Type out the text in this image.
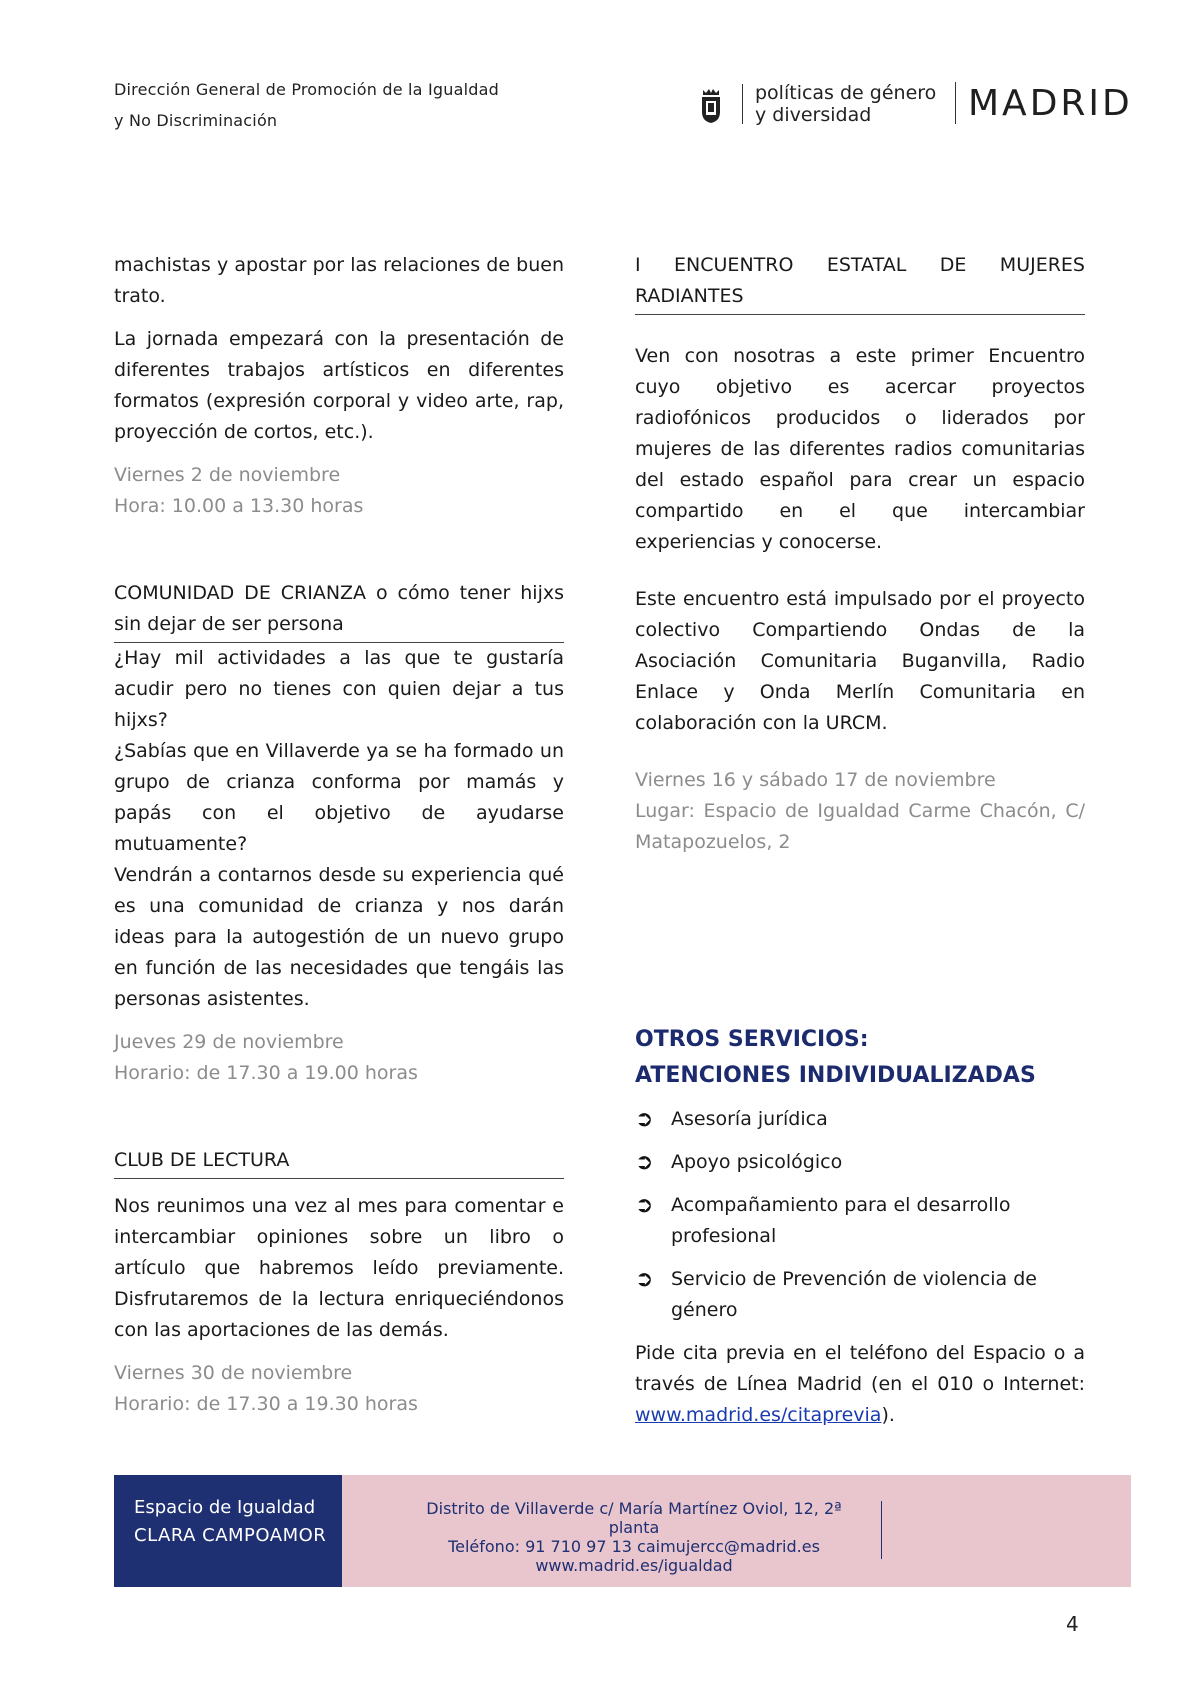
Dirección General de Promoción de la Igualdad
y No Discriminación
políticas de género
y diversidad	MADRID

machistas y apostar por las relaciones de buen trato.

La jornada empezará con la presentación de diferentes trabajos artísticos en diferentes formatos (expresión corporal y video arte, rap, proyección de cortos, etc.).

Viernes 2 de noviembre

Hora: 10.00 a 13.30 horas

COMUNIDAD DE CRIANZA o cómo tener hijxs sin dejar de ser persona

¿Hay mil actividades a las que te gustaría acudir pero no tienes con quien dejar a tus hijxs?

¿Sabías que en Villaverde ya se ha formado un grupo de crianza conforma por mamás y papás con el objetivo de ayudarse mutuamente?

Vendrán a contarnos desde su experiencia qué es una comunidad de crianza y nos darán ideas para la autogestión de un nuevo grupo en función de las necesidades que tengáis las personas asistentes.

Jueves 29 de noviembre

Horario: de 17.30 a 19.00 horas

CLUB DE LECTURA

Nos reunimos una vez al mes para comentar e intercambiar opiniones sobre un libro o artículo que habremos leído previamente. Disfrutaremos de la lectura enriqueciéndonos con las aportaciones de las demás.

Viernes 30 de noviembre

Horario: de 17.30 a 19.30 horas

I ENCUENTRO ESTATAL DE MUJERES RADIANTES

Ven con nosotras a este primer Encuentro cuyo objetivo es acercar proyectos radiofónicos producidos o liderados por mujeres de las diferentes radios comunitarias del estado español para crear un espacio compartido en el que intercambiar experiencias y conocerse.

Este encuentro está impulsado por el proyecto colectivo Compartiendo Ondas de la Asociación Comunitaria Buganvilla, Radio Enlace y Onda Merlín Comunitaria en colaboración con la URCM.

Viernes 16 y sábado 17 de noviembre

Lugar: Espacio de Igualdad Carme Chacón, C/ Matapozuelos, 2

OTROS SERVICIOS:
ATENCIONES INDIVIDUALIZADAS
➲ Asesoría jurídica
➲ Apoyo psicológico
➲ Acompañamiento para el desarrollo profesional
➲ Servicio de Prevención de violencia de género

Pide cita previa en el teléfono del Espacio o a través de Línea Madrid (en el 010 o Internet: www.madrid.es/citaprevia).

Espacio de Igualdad
CLARA CAMPOAMOR
Distrito de Villaverde c/ María Martínez Oviol, 12, 2ª planta
Teléfono: 91 710 97 13 caimujercc@madrid.es
www.madrid.es/igualdad
4
